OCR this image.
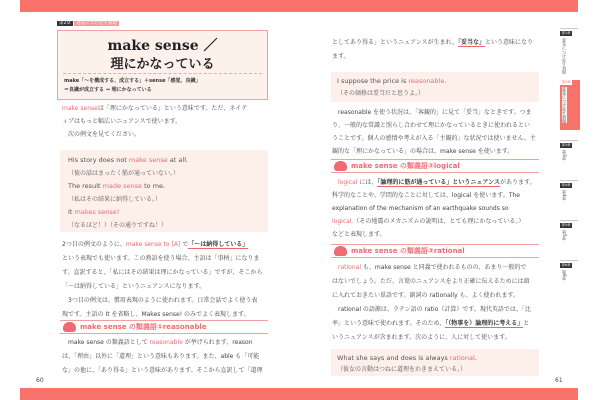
make sense ／
理にかなっている
make「～を構成する、成立する」＋sense「感覚、良識」
＝良識が成立する ⇒ 理にかなっている
第2章 意見につけ足す表現
make senseは「理にかなっている」という意味です。ただ、ネイテ
ィブはもっと幅広いニュアンスで使います。
　次の例文を見てください。
2つ目の例文のように、make sense to [A] で「～は納得している」
という表現でも使います。この熟語を使う場合、主語は「事柄」になりま
す。直訳すると、「私にはその結果は理にかなっている」ですが、そこから
「～は納得している」というニュアンスになります。
　3つ目の例文は、慣用表現のように使われます。日常会話でよく使う表
現です。主語の It を省略し、Makes sense! のみでよく表現します。
　make sense の類義語として reasonable が挙げられます。reason
は、「理由」以外に「道理」という意味もあります。また、able も「可能
な」の他に、「あり得る」という意味があります。そこから直訳して「道理
His story does not make sense at all.
（彼の話はまったく筋が通っていない。）
The result made sense to me.
（私はその結果に納得している。）
It makes sense!
（なるほど！）（その通りですね！）
としてあり得る」というニュアンスが生まれ、「妥当な」という意味になり
ます。
I suppose the price is reasonable.
（その価格は妥当だと思うよ。）
　reasonable を使う状況は、「客観的」に見て「妥当」なときです。つま
り、一般的な常識と照らし合わせて理にかなっているときに使われるとい
うことです。個人の感情や考えが入る「主観的」な状況では使いません。主
観的な「理にかなっている」の場合は、make sense を使います。
　logical には、「論理的に筋が通っている」というニュアンスがあります。
科学的なことや、学問的なことに対しては、logical を使います。The
explanation of the mechanism of an earthquake sounds so
logical.（その地震のメカニズムの説明は、とても理にかなっている。）
などと表現します。
　rational も、make sense と同義で使われるものの、あまり一般的で
はないでしょう。ただ、言葉のニュアンスをより正確に伝えるためには頭
に入れておきたい単語です。副詞の rationally も、よく使われます。
　rational の語源は、ラテン語の ratio（計算）です。現代英語では、「比
率」という意味で使われます。そのため、「（物事を）論理的に考える」と
いうニュアンスが含まれます。次のように、人に対して使います。
What she says and does is always rational.
（彼女の言動はつねに道理をわきまえている。）
make sense の類義語①reasonable
make sense の類義語②logical
make sense の類義語③rational
60	61
第1章
意見につけ足す表現
第2章
意見につけ足す表現
第3章
第3章
第4章
第4章
第5章
第5章
第6章
第6章
